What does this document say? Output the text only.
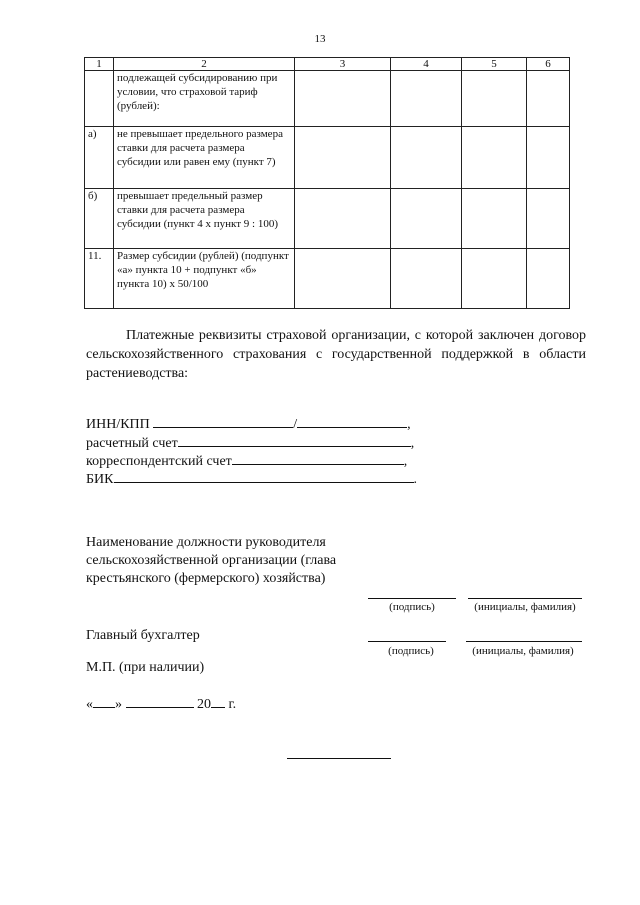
13
1	2	3	4	5	6
	подлежащей субсидированию при условии, что страховой тариф (рублей):				
а)	не превышает предельного размера ставки для расчета размера субсидии или равен ему (пункт 7)				
б)	превышает предельный размер ставки для расчета размера субсидии (пункт 4 х пункт 9 : 100)				
11.	Размер субсидии (рублей) (подпункт «а» пункта 10 + подпункт «б» пункта 10) х 50/100				
Платежные реквизиты страховой организации, с которой заключен договор сельскохозяйственного страхования с государственной поддержкой в области растениеводства:
ИНН/КПП	/	,
расчетный счет	,
корреспондентский счет	,
БИК	.
Наименование должности руководителя сельскохозяйственной организации (глава крестьянского (фермерского) хозяйства)
(подпись)	(инициалы, фамилия)
Главный бухгалтер
(подпись)	(инициалы, фамилия)
М.П. (при наличии)
« »	20 г.
